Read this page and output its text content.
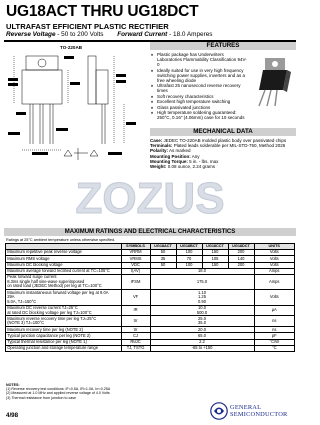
UG18ACT THRU UG18DCT
ULTRAFAST EFFICIENT PLASTIC RECTIFIER
Reverse Voltage - 50 to 200 Volts Forward Current - 18.0 Amperes
TO-220AB	FEATURES
♦ Plastic package has Underwriters Laboratories Flammability Classification 94V-0
♦ Ideally suited for use in very high frequency switching power supplies, inverters and as a free wheeling diode
♦ Ultrafast 25 nanosecond reverse recovery times
♦ Soft recovery characteristics
♦ Excellent high temperature switching
♦ Glass passivated junctions
♦ High temperature soldering guaranteed: 250°C, 0.16" (4.06mm) case for 10 seconds
MECHANICAL DATA
Case: JEDEC TO-220AB molded plastic body over passivated chips
Terminals: Plated leads solderable per MIL-STD-750, Method 2026
Polarity: As marked
Mounting Position: Any
Mounting Torque: 5 in. - lbs. max
Weight: 0.08 ounce, 2.24 grams
ZOZUS
MAXIMUM RATINGS AND ELECTRICAL CHARACTERISTICS
Ratings at 25°C ambient temperature unless otherwise specified.
	SYMBOLS	UG18ACT	UG18BCT	UG18CCT	UG18DCT	UNITS
Maximum repetitive peak reverse voltage	VRRM	50	100	150	200	Volts
Maximum RMS voltage	VRMS	35	70	105	140	Volts
Maximum DC blocking voltage	VDC	50	100	150	200	Volts
Maximum average forward rectified current at TC=105°C	I(AV)	18.0				Amps
Peak forward surge current
8.3ms single half sine-wave superimposed
on rated load (JEDEC Method) per leg at TC=100°C	IFSM	175.0				Amps
Maximum instantaneous forward voltage per leg at 9.0A
29A
5.0A, TJ=150°C	VF	1.10
1.25
0.90				Volts
Maximum DC reverse current TJ=25°C
at rated DC blocking voltage per leg TJ=100°C	IR	10.0
500.0				µA
Maximum reverse recovery time per leg TJ=25°C
(NOTE 3) TJ=100°C	trr	25.0
35.0				ns
Maximum recovery time per leg (NOTE 2)	trr	20.0				ns
Typical junction capacitance per leg (NOTE 2)	CJ	65.0				pF
Typical thermal resistance per leg (NOTE 1)	RθJC	2.2				°C/W
Operating junction and storage temperature range	TJ, TSTG	-65 to +150				°C
NOTES:
(1) Reverse recovery test conditions: IF=0.5A, IR=1.0A, Irr=0.25A
(2) Measured at 1.0 MHz and applied reverse voltage of 4.0 Volts
(3) Thermal resistance from junction to case
4/98
GENERAL
SEMICONDUCTOR
